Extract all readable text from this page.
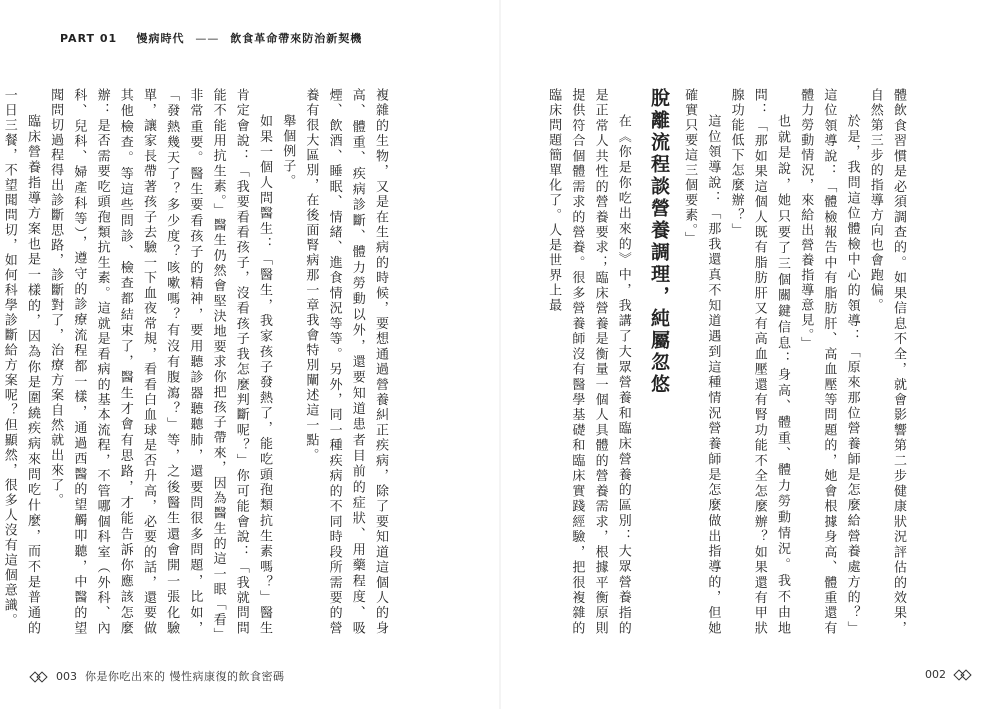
PART 01 慢病時代 —— 飲食革命帶來防治新契機

複雜的生物，又是在生病的時候，要想通過營養糾正疾病，除了要知道這個人的身高、體重、疾病診斷、體力勞動以外，還要知道患者目前的症狀、用藥程度、吸煙、飲酒、睡眠、情緒、進食情況等等。另外，同一種疾病的不同時段所需要的營養有很大區別，在後面腎病那一章我會特別闡述這一點。

舉個例子。

如果一個人問醫生：「醫生，我家孩子發熱了，能吃頭孢類抗生素嗎？」醫生肯定會說：「我要看看孩子，沒看孩子我怎麼判斷呢？」你可能會說：「我就問問能不能用抗生素。」醫生仍然會堅決地要求你把孩子帶來，因為醫生的這一眼「看」非常重要。醫生要看孩子的精神，要用聽診器聽聽肺，還要問很多問題，比如，「發熱幾天了？多少度？咳嗽嗎？有沒有腹瀉？」等，之後醫生還會開一張化驗單，讓家長帶著孩子去驗一下血夜常規，看看白血球是否升高，必要的話，還要做其他檢查。等這些問診、檢查都結束了，醫生才會有思路，才能告訴你應該怎麼辦：是否需要吃頭孢類抗生素。這就是看病的基本流程，不管哪個科室（外科、內科、兒科、婦產科等），遵守的診療流程都一樣，通過西醫的望觸叩聽，中醫的望聞問切過程得出診斷思路，診斷對了，治療方案自然就出來了。

臨床營養指導方案也是一樣的，因為你是圍繞疾病來問吃什麼，而不是普通的一日三餐，不望聞問切，如何科學診斷給方案呢？但顯然，很多人沒有這個意識。

003 你是你吃出來的 慢性病康復的飲食密碼

體飲食習慣是必須調查的。如果信息不全，就會影響第二步健康狀況評估的效果，自然第三步的指導方向也會跑偏。

於是，我問這位體檢中心的領導：「原來那位營養師是怎麼給營養處方的？」這位領導說：「體檢報告中有脂肪肝、高血壓等問題的，她會根據身高、體重還有體力勞動情況，來給出營養指導意見。」

也就是說，她只要了三個關鍵信息：身高、體重、體力勞動情況。我不由地問：「那如果這個人既有脂肪肝又有高血壓還有腎功能不全怎麼辦？如果還有甲狀腺功能低下怎麼辦？」

這位領導說：「那我還真不知道遇到這種情況營養師是怎麼做出指導的，但她確實只要這三個要素。」

脫離流程談營養調理，純屬忽悠

在《你是你吃出來的》中，我講了大眾營養和臨床營養的區別：大眾營養指的是正常人共性的營養要求；臨床營養是衡量一個人具體的營養需求，根據平衡原則提供符合個體需求的營養。很多營養師沒有醫學基礎和臨床實踐經驗，把很複雜的臨床問題簡單化了。人是世界上最

002
